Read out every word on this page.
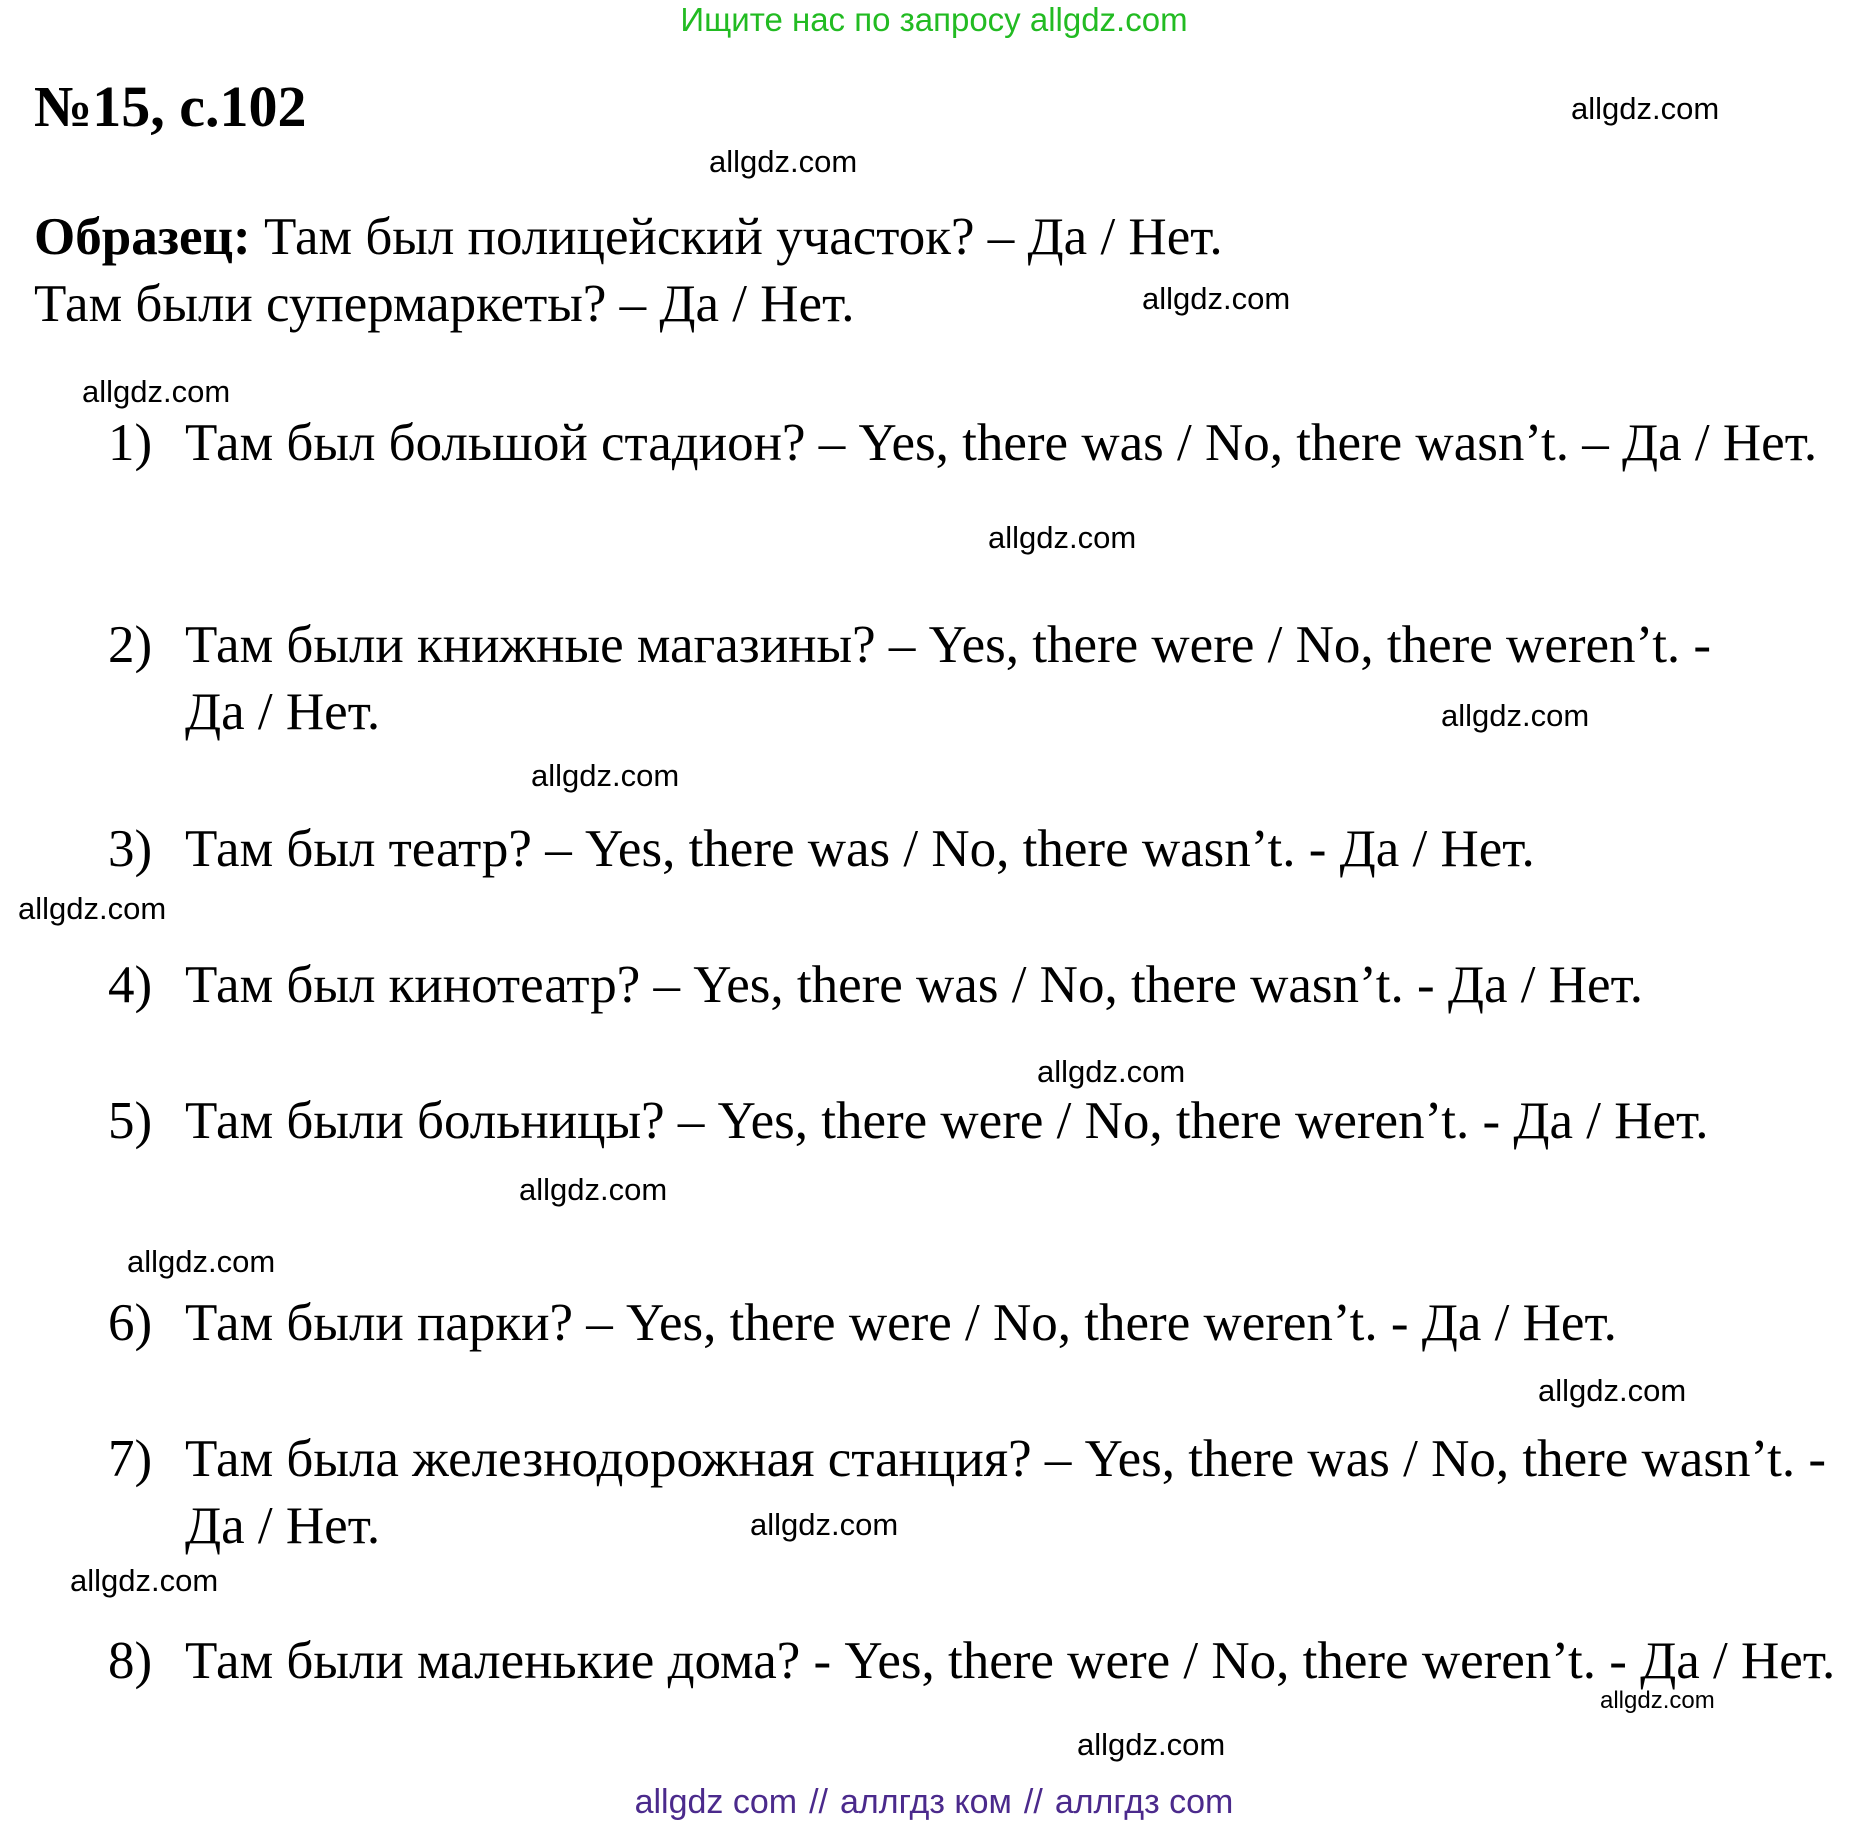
Ищите нас по запросу allgdz.com
№15, с.102
Образец: Там был полицейский участок? – Да / Нет.
Там были супермаркеты? – Да / Нет.
1) Там был большой стадион? – Yes, there was / No, there wasn’t. – Да / Нет.
2) Там были книжные магазины? – Yes, there were / No, there weren’t. - Да / Нет.
3) Там был театр? – Yes, there was / No, there wasn’t. - Да / Нет.
4) Там был кинотеатр? – Yes, there was / No, there wasn’t. - Да / Нет.
5) Там были больницы? – Yes, there were / No, there weren’t. - Да / Нет.
6) Там были парки? – Yes, there were / No, there weren’t. - Да / Нет.
7) Там была железнодорожная станция? – Yes, there was / No, there wasn’t. - Да / Нет.
8) Там были маленькие дома? - Yes, there were / No, there weren’t. - Да / Нет.
allgdz.com
allgdz.com
allgdz.com
allgdz.com
allgdz.com
allgdz.com
allgdz.com
allgdz.com
allgdz.com
allgdz.com
allgdz.com
allgdz.com
allgdz.com
allgdz.com
allgdz.com
allgdz.com
allgdz com // аллгдз ком // аллгдз com
